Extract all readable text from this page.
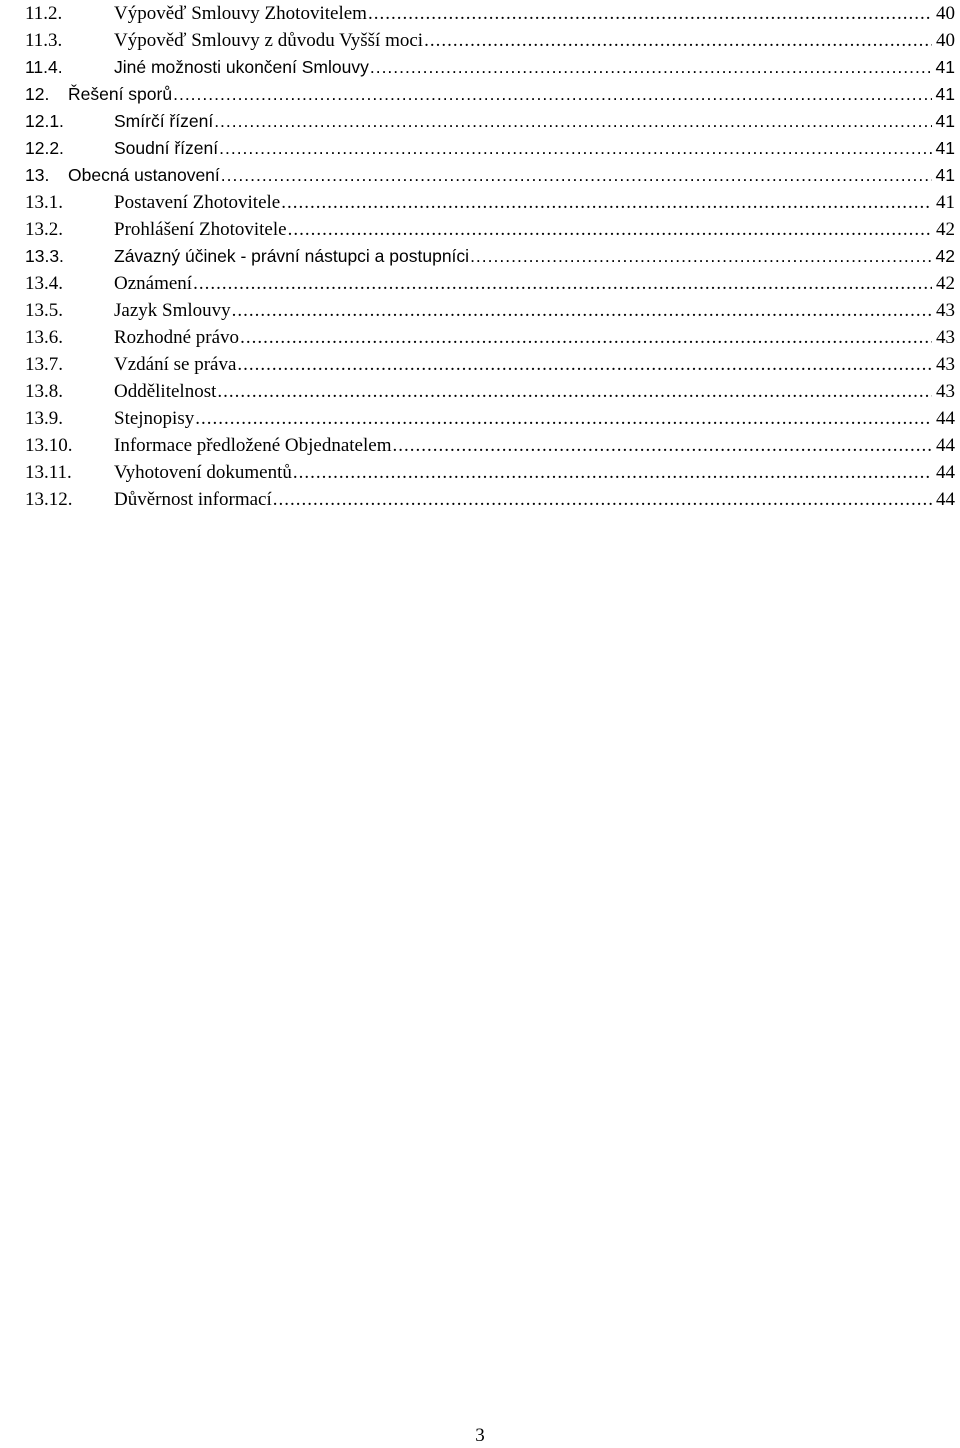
11.2.	Výpověď Smlouvy Zhotovitelem .....	40
11.3.	Výpověď Smlouvy z důvodu Vyšší moci .....	40
11.4.	Jiné možnosti ukončení Smlouvy .....	41
12.	Řešení sporů .....	41
12.1.	Smírčí řízení .....	41
12.2.	Soudní řízení .....	41
13.	Obecná ustanovení .....	41
13.1.	Postavení Zhotovitele .....	41
13.2.	Prohlášení Zhotovitele .....	42
13.3.	Závazný účinek - právní nástupci a postupníci .....	42
13.4.	Oznámení .....	42
13.5.	Jazyk Smlouvy .....	43
13.6.	Rozhodné právo .....	43
13.7.	Vzdání se práva .....	43
13.8.	Oddělitelnost .....	43
13.9.	Stejnopisy .....	44
13.10.	Informace předložené Objednatelem .....	44
13.11.	Vyhotovení dokumentů .....	44
13.12.	Důvěrnost informací .....	44
3
